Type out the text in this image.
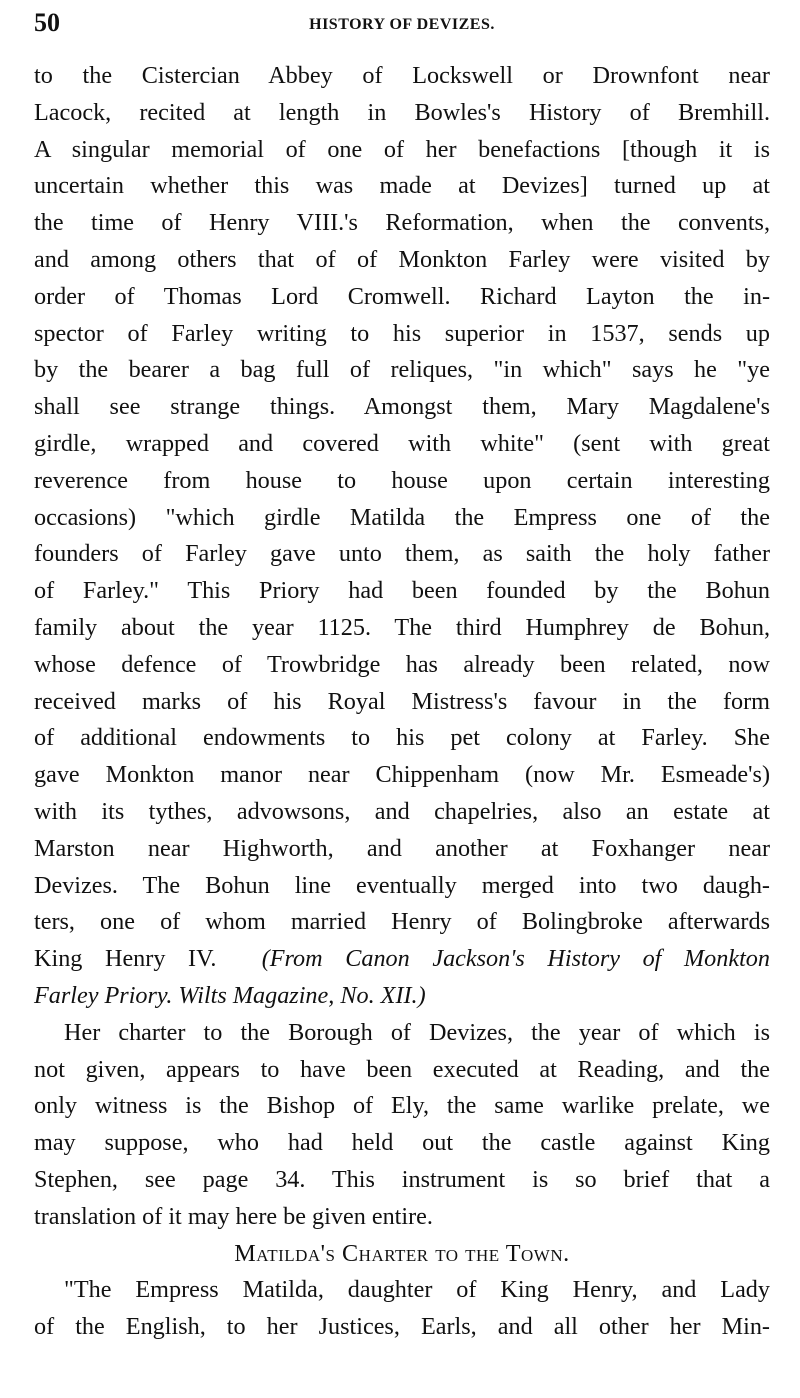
50	HISTORY OF DEVIZES.
to the Cistercian Abbey of Lockswell or Drownfont near
Lacock, recited at length in Bowles's History of Bremhill.
A singular memorial of one of her benefactions [though it is
uncertain whether this was made at Devizes] turned up at
the time of Henry VIII.'s Reformation, when the convents,
and among others that of of Monkton Farley were visited by
order of Thomas Lord Cromwell. Richard Layton the in-
spector of Farley writing to his superior in 1537, sends up
by the bearer a bag full of reliques, "in which" says he "ye
shall see strange things. Amongst them, Mary Magdalene's
girdle, wrapped and covered with white" (sent with great
reverence from house to house upon certain interesting
occasions) "which girdle Matilda the Empress one of the
founders of Farley gave unto them, as saith the holy father
of Farley." This Priory had been founded by the Bohun
family about the year 1125. The third Humphrey de Bohun,
whose defence of Trowbridge has already been related, now
received marks of his Royal Mistress's favour in the form
of additional endowments to his pet colony at Farley. She
gave Monkton manor near Chippenham (now Mr. Esmeade's)
with its tythes, advowsons, and chapelries, also an estate at
Marston near Highworth, and another at Foxhanger near
Devizes. The Bohun line eventually merged into two daugh-
ters, one of whom married Henry of Bolingbroke afterwards
King Henry IV. (From Canon Jackson's History of Monkton
Farley Priory. Wilts Magazine, No. XII.)
Her charter to the Borough of Devizes, the year of which is
not given, appears to have been executed at Reading, and the
only witness is the Bishop of Ely, the same warlike prelate, we
may suppose, who had held out the castle against King
Stephen, see page 34. This instrument is so brief that a
translation of it may here be given entire.
Matilda's Charter to the Town.
"The Empress Matilda, daughter of King Henry, and Lady
of the English, to her Justices, Earls, and all other her Min-
